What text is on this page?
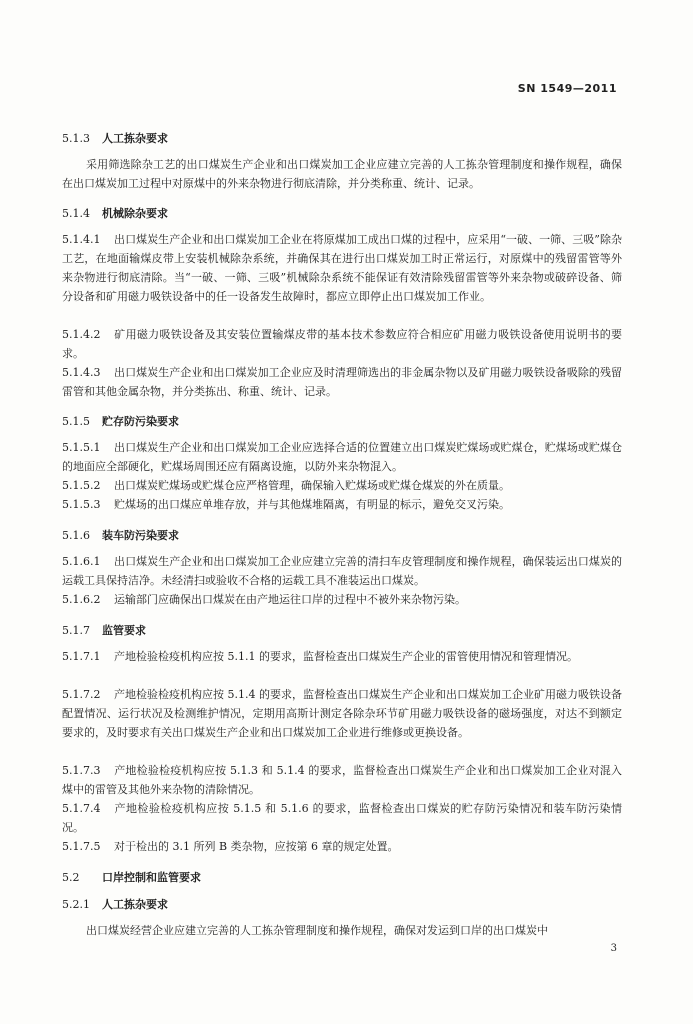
SN 1549—2011
5.1.3 人工拣杂要求
采用筛选除杂工艺的出口煤炭生产企业和出口煤炭加工企业应建立完善的人工拣杂管理制度和操作规程，确保在出口煤炭加工过程中对原煤中的外来杂物进行彻底清除，并分类称重、统计、记录。
5.1.4 机械除杂要求
5.1.4.1 出口煤炭生产企业和出口煤炭加工企业在将原煤加工成出口煤的过程中，应采用“一破、一筛、三吸”除杂工艺，在地面输煤皮带上安装机械除杂系统，并确保其在进行出口煤炭加工时正常运行，对原煤中的残留雷管等外来杂物进行彻底清除。当“一破、一筛、三吸”机械除杂系统不能保证有效清除残留雷管等外来杂物或破碎设备、筛分设备和矿用磁力吸铁设备中的任一设备发生故障时，都应立即停止出口煤炭加工作业。
5.1.4.2 矿用磁力吸铁设备及其安装位置输煤皮带的基本技术参数应符合相应矿用磁力吸铁设备使用说明书的要求。
5.1.4.3 出口煤炭生产企业和出口煤炭加工企业应及时清理筛选出的非金属杂物以及矿用磁力吸铁设备吸除的残留雷管和其他金属杂物，并分类拣出、称重、统计、记录。
5.1.5 贮存防污染要求
5.1.5.1 出口煤炭生产企业和出口煤炭加工企业应选择合适的位置建立出口煤炭贮煤场或贮煤仓，贮煤场或贮煤仓的地面应全部硬化，贮煤场周围还应有隔离设施，以防外来杂物混入。
5.1.5.2 出口煤炭贮煤场或贮煤仓应严格管理，确保输入贮煤场或贮煤仓煤炭的外在质量。
5.1.5.3 贮煤场的出口煤应单堆存放，并与其他煤堆隔离，有明显的标示，避免交叉污染。
5.1.6 装车防污染要求
5.1.6.1 出口煤炭生产企业和出口煤炭加工企业应建立完善的清扫车皮管理制度和操作规程，确保装运出口煤炭的运载工具保持洁净。未经清扫或验收不合格的运载工具不准装运出口煤炭。
5.1.6.2 运输部门应确保出口煤炭在由产地运往口岸的过程中不被外来杂物污染。
5.1.7 监管要求
5.1.7.1 产地检验检疫机构应按 5.1.1 的要求，监督检查出口煤炭生产企业的雷管使用情况和管理情况。
5.1.7.2 产地检验检疫机构应按 5.1.4 的要求，监督检查出口煤炭生产企业和出口煤炭加工企业矿用磁力吸铁设备配置情况、运行状况及检测维护情况，定期用高斯计测定各除杂环节矿用磁力吸铁设备的磁场强度，对达不到额定要求的，及时要求有关出口煤炭生产企业和出口煤炭加工企业进行维修或更换设备。
5.1.7.3 产地检验检疫机构应按 5.1.3 和 5.1.4 的要求，监督检查出口煤炭生产企业和出口煤炭加工企业对混入煤中的雷管及其他外来杂物的清除情况。
5.1.7.4 产地检验检疫机构应按 5.1.5 和 5.1.6 的要求，监督检查出口煤炭的贮存防污染情况和装车防污染情况。
5.1.7.5 对于检出的 3.1 所列 B 类杂物，应按第 6 章的规定处置。
5.2 口岸控制和监管要求
5.2.1 人工拣杂要求
出口煤炭经营企业应建立完善的人工拣杂管理制度和操作规程，确保对发运到口岸的出口煤炭中
3
